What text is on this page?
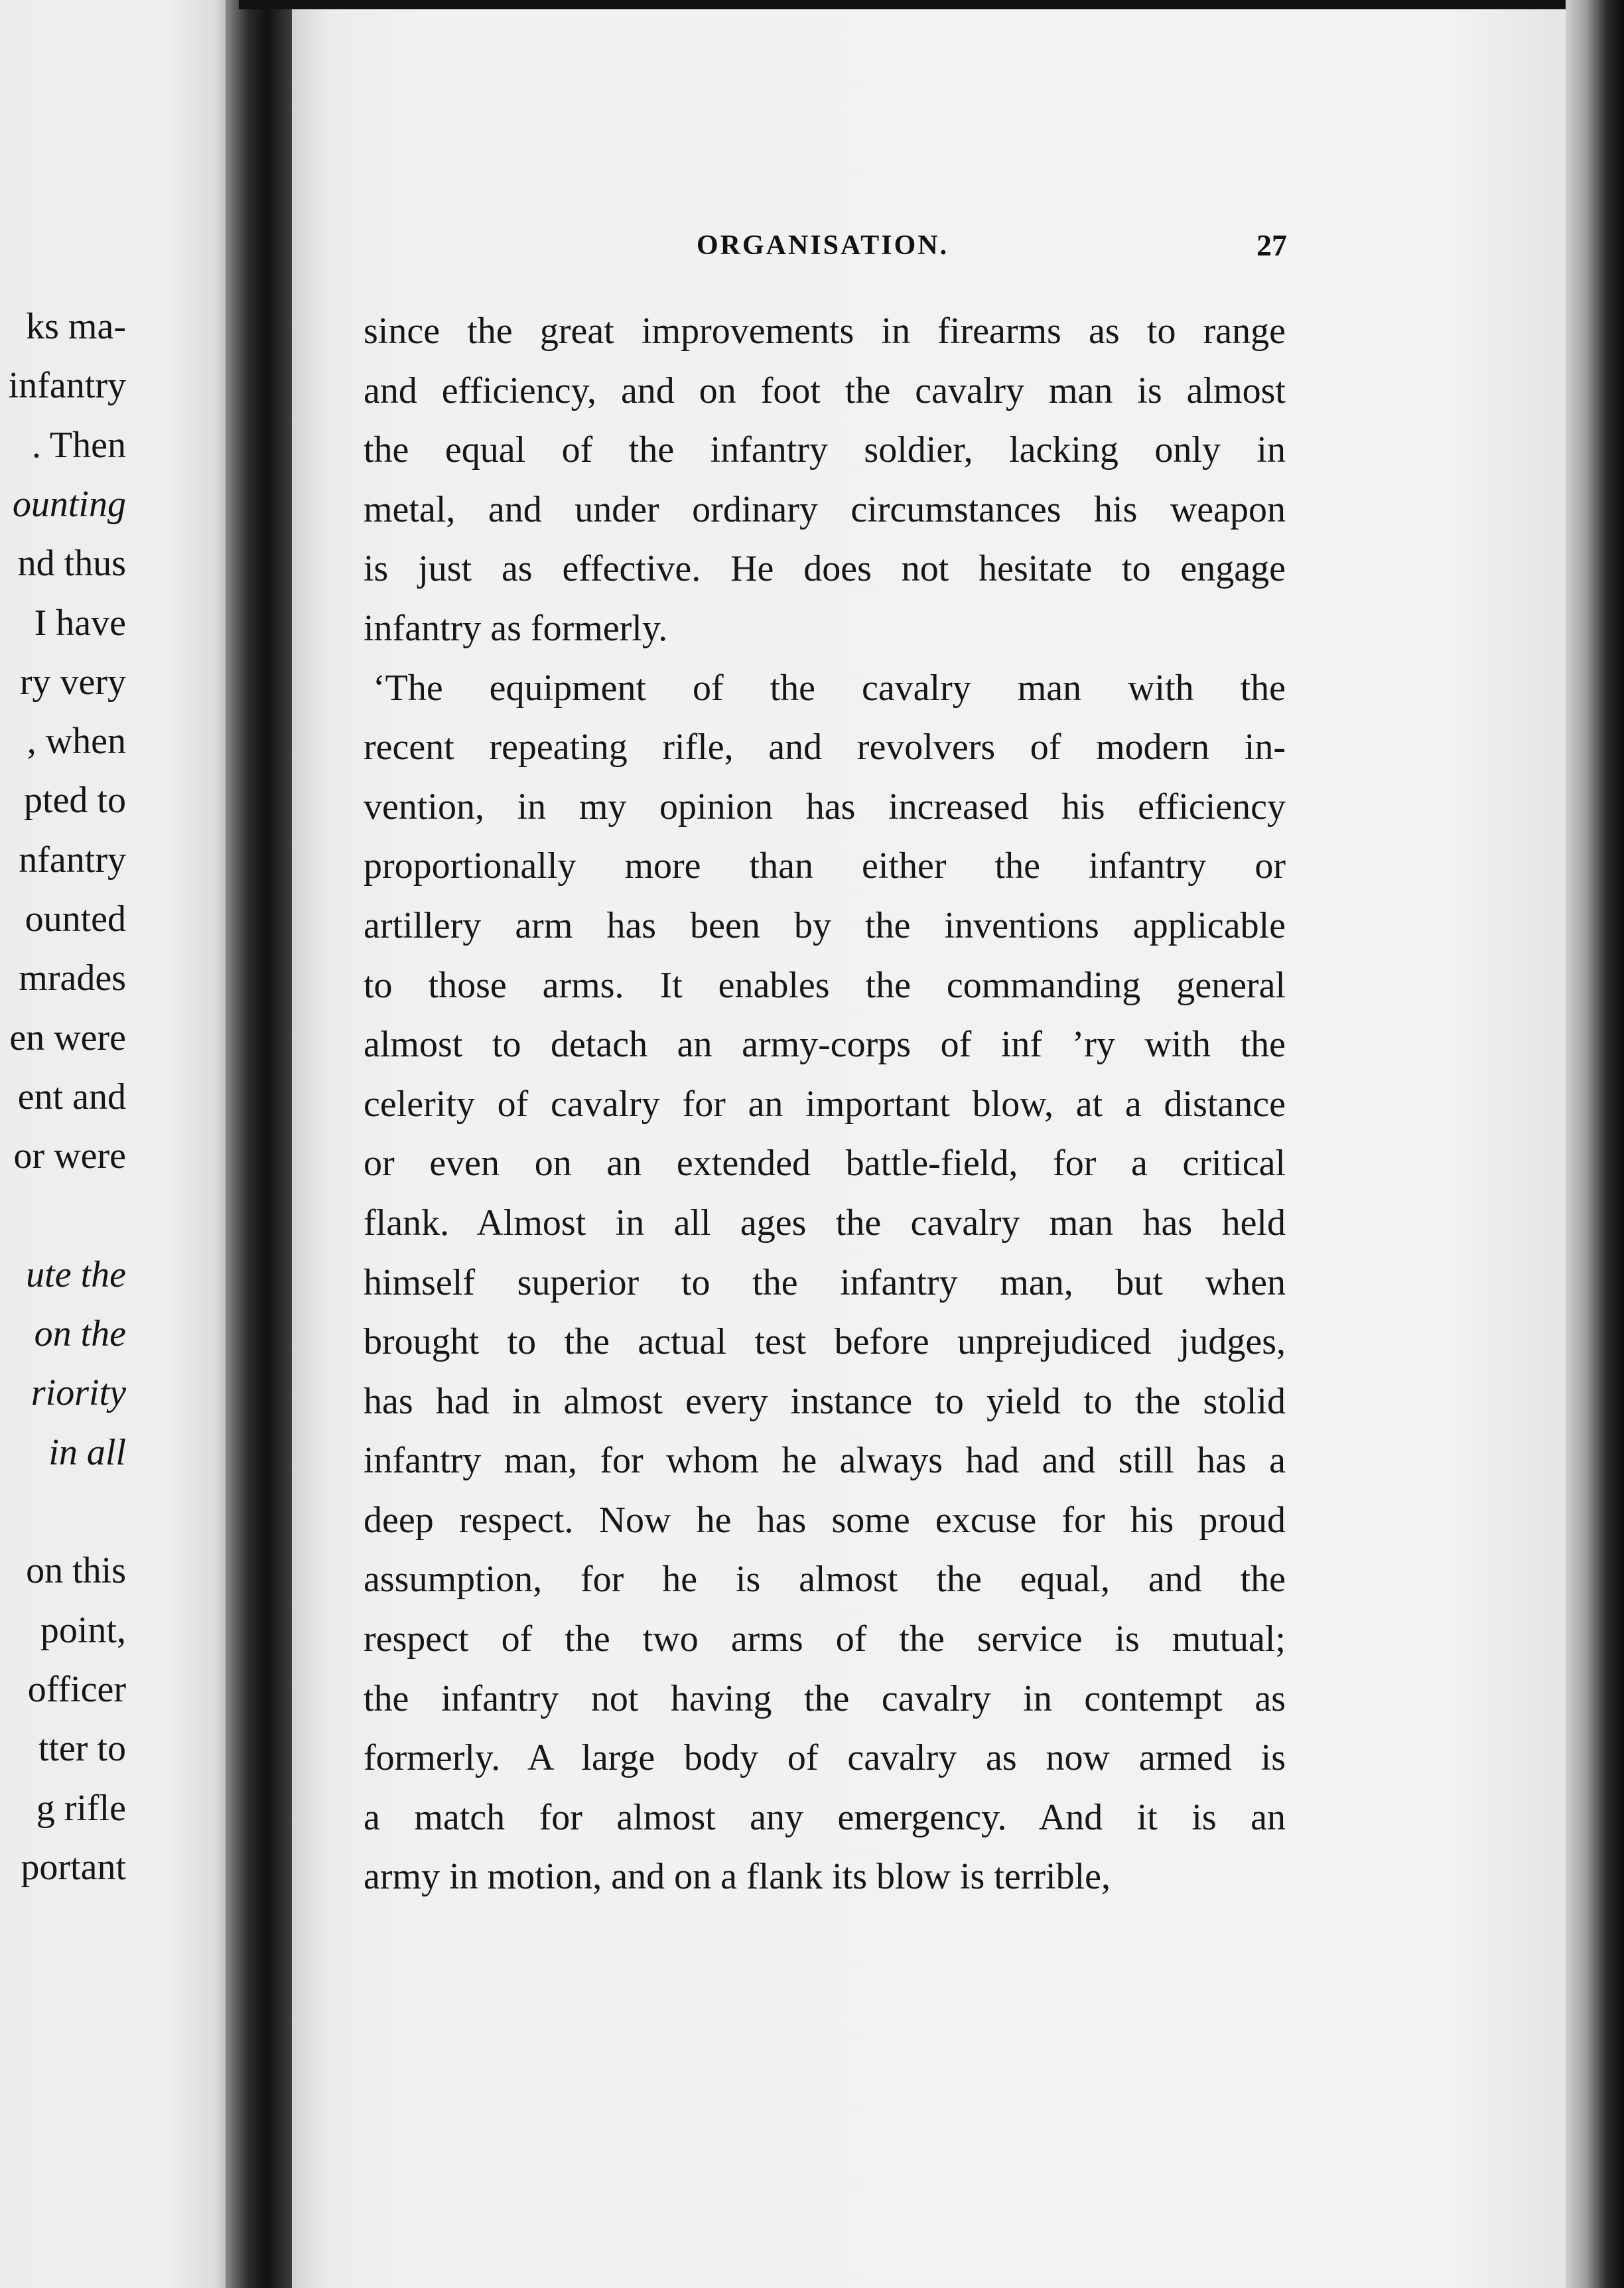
ks ma-
infantry
. Then
ounting
nd thus
I have
ry very
, when
pted to
nfantry
ounted
mrades
en were
ent and
or were
ute the
on the
riority
in all
on this
point,
officer
tter to
g rifle
portant
ORGANISATION.	27
since the great improvements in firearms as to range
and efficiency, and on foot the cavalry man is almost
the equal of the infantry soldier, lacking only in
metal, and under ordinary circumstances his weapon
is just as effective. He does not hesitate to engage
infantry as formerly.
‘The equipment of the cavalry man with the
recent repeating rifle, and revolvers of modern in-
vention, in my opinion has increased his efficiency
proportionally more than either the infantry or
artillery arm has been by the inventions applicable
to those arms. It enables the commanding general
almost to detach an army-corps of inf ’ry with the
celerity of cavalry for an important blow, at a distance
or even on an extended battle-field, for a critical
flank. Almost in all ages the cavalry man has held
himself superior to the infantry man, but when
brought to the actual test before unprejudiced judges,
has had in almost every instance to yield to the stolid
infantry man, for whom he always had and still has a
deep respect. Now he has some excuse for his proud
assumption, for he is almost the equal, and the
respect of the two arms of the service is mutual;
the infantry not having the cavalry in contempt as
formerly. A large body of cavalry as now armed is
a match for almost any emergency. And it is an
army in motion, and on a flank its blow is terrible,
